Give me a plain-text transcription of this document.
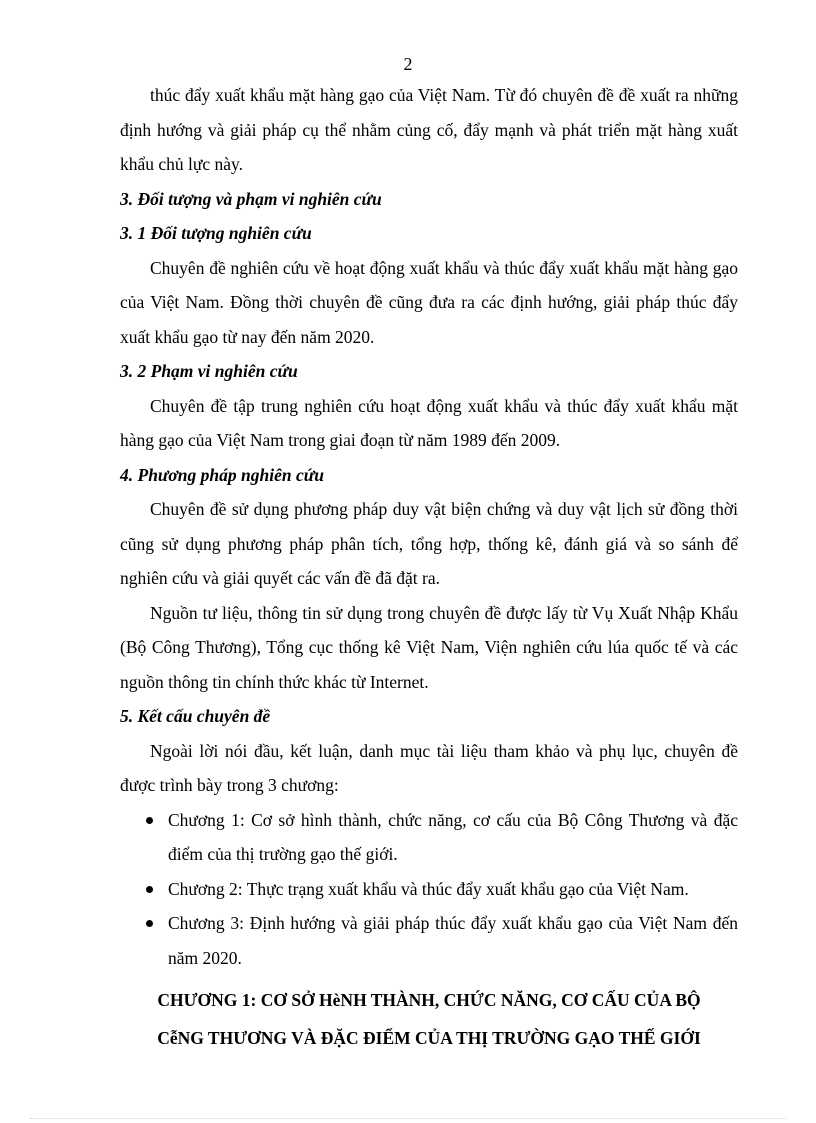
2

thúc đẩy xuất khẩu mặt hàng gạo của Việt Nam. Từ đó chuyên đề đề xuất ra những định hướng và giải pháp cụ thể nhằm củng cố, đẩy mạnh và phát triển mặt hàng xuất khẩu chủ lực này.

3. Đối tượng và phạm vi nghiên cứu

3. 1 Đối tượng nghiên cứu

Chuyên đề nghiên cứu về hoạt động xuất khẩu và thúc đẩy xuất khẩu mặt hàng gạo của Việt Nam. Đồng thời chuyên đề cũng đưa ra các định hướng, giải pháp thúc đẩy xuất khẩu gạo từ nay đến năm 2020.

3. 2 Phạm vi nghiên cứu

Chuyên đề tập trung nghiên cứu hoạt động xuất khẩu và thúc đẩy xuất khẩu mặt hàng gạo của Việt Nam trong giai đoạn từ năm 1989 đến 2009.

4. Phương pháp nghiên cứu

Chuyên đề sử dụng phương pháp duy vật biện chứng và duy vật lịch sử đồng thời cũng sử dụng phương pháp phân tích, tổng hợp, thống kê, đánh giá và so sánh để nghiên cứu và giải quyết các vấn đề đã đặt ra.

Nguồn tư liệu, thông tin sử dụng trong chuyên đề được lấy từ Vụ Xuất Nhập Khẩu (Bộ Công Thương), Tổng cục thống kê Việt Nam, Viện nghiên cứu lúa quốc tế và các nguồn thông tin chính thức khác từ Internet.

5. Kết cấu chuyên đề

Ngoài lời nói đầu, kết luận, danh mục tài liệu tham khảo và phụ lục, chuyên đề được trình bày trong 3 chương:

Chương 1: Cơ sở hình thành, chức năng, cơ cấu của Bộ Công Thương và đặc điểm của thị trường gạo thế giới.
Chương 2: Thực trạng xuất khẩu và thúc đẩy xuất khẩu gạo của Việt Nam.
Chương 3: Định hướng và giải pháp thúc đẩy xuất khẩu gạo của Việt Nam đến năm 2020.
CHƯƠNG 1: CƠ SỞ HèNH THÀNH, CHỨC NĂNG, CƠ CẤU CỦA BỘ
CễNG THƯƠNG VÀ ĐẶC ĐIỂM CỦA THỊ TRƯỜNG GẠO THẾ GIỚI
